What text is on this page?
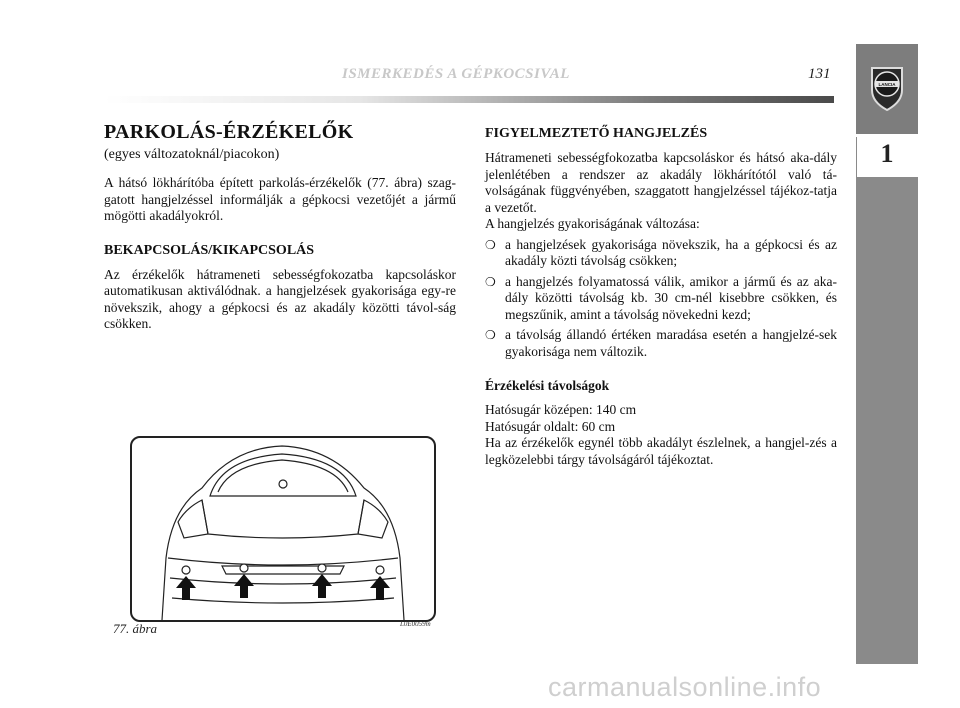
ISMERKEDÉS A GÉPKOCSIVAL	131
LANCIA
1
PARKOLÁS-ÉRZÉKELŐK
(egyes változatoknál/piacokon)

A hátsó lökhárítóba épített parkolás-érzékelők (77. ábra) szag-gatott hangjelzéssel informálják a gépkocsi vezetőjét a jármű mögötti akadályokról.

BEKAPCSOLÁS/KIKAPCSOLÁS

Az érzékelők hátrameneti sebességfokozatba kapcsoláskor automatikusan aktiválódnak. a hangjelzések gyakorisága egy-re növekszik, ahogy a gépkocsi és az akadály közötti távol-ság csökken.

L0E0059m
77. ábra
FIGYELMEZTETŐ HANGJELZÉS

Hátrameneti sebességfokozatba kapcsoláskor és hátsó aka-dály jelenlétében a rendszer az akadály lökhárítótól való tá-volságának függvényében, szaggatott hangjelzéssel tájékoz-tatja a vezetőt.

A hangjelzés gyakoriságának változása:

❍ a hangjelzések gyakorisága növekszik, ha a gépkocsi és az akadály közti távolság csökken;
❍ a hangjelzés folyamatossá válik, amikor a jármű és az aka-dály közötti távolság kb. 30 cm-nél kisebbre csökken, és megszűnik, amint a távolság növekedni kezd;
❍ a távolság állandó értéken maradása esetén a hangjelzé-sek gyakorisága nem változik.
Érzékelési távolságok

Hatósugár középen: 140 cm

Hatósugár oldalt: 60 cm

Ha az érzékelők egynél több akadályt észlelnek, a hangjel-zés a legközelebbi tárgy távolságáról tájékoztat.

carmanualsonline.info
